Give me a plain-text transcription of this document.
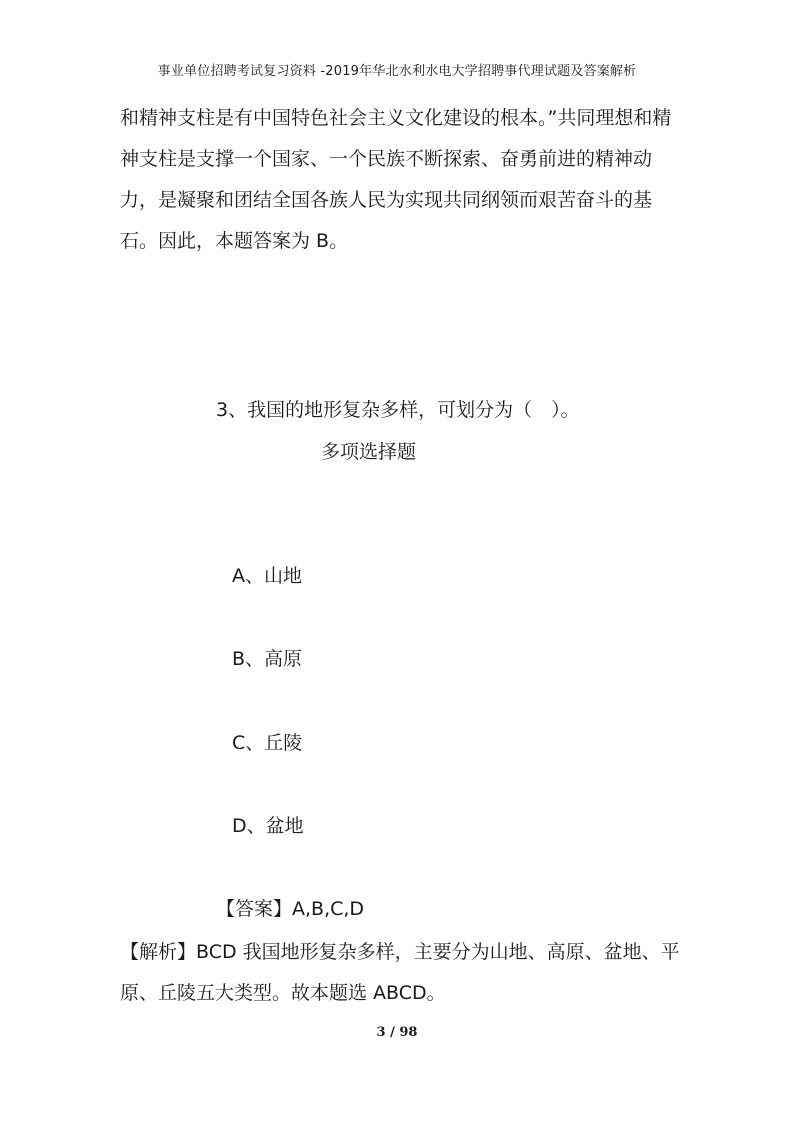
事业单位招聘考试复习资料 -2019年华北水利水电大学招聘事代理试题及答案解析

和精神支柱是有中国特色社会主义文化建设的根本。”共同理想和精神支柱是支撑一个国家、一个民族不断探索、奋勇前进的精神动力，是凝聚和团结全国各族人民为实现共同纲领而艰苦奋斗的基石。因此，本题答案为 B。

3、我国的地形复杂多样，可划分为（　）。
多项选择题
A、山地
B、高原
C、丘陵
D、盆地
【答案】A,B,C,D

【解析】BCD 我国地形复杂多样，主要分为山地、高原、盆地、平原、丘陵五大类型。故本题选 ABCD。

3 / 98
